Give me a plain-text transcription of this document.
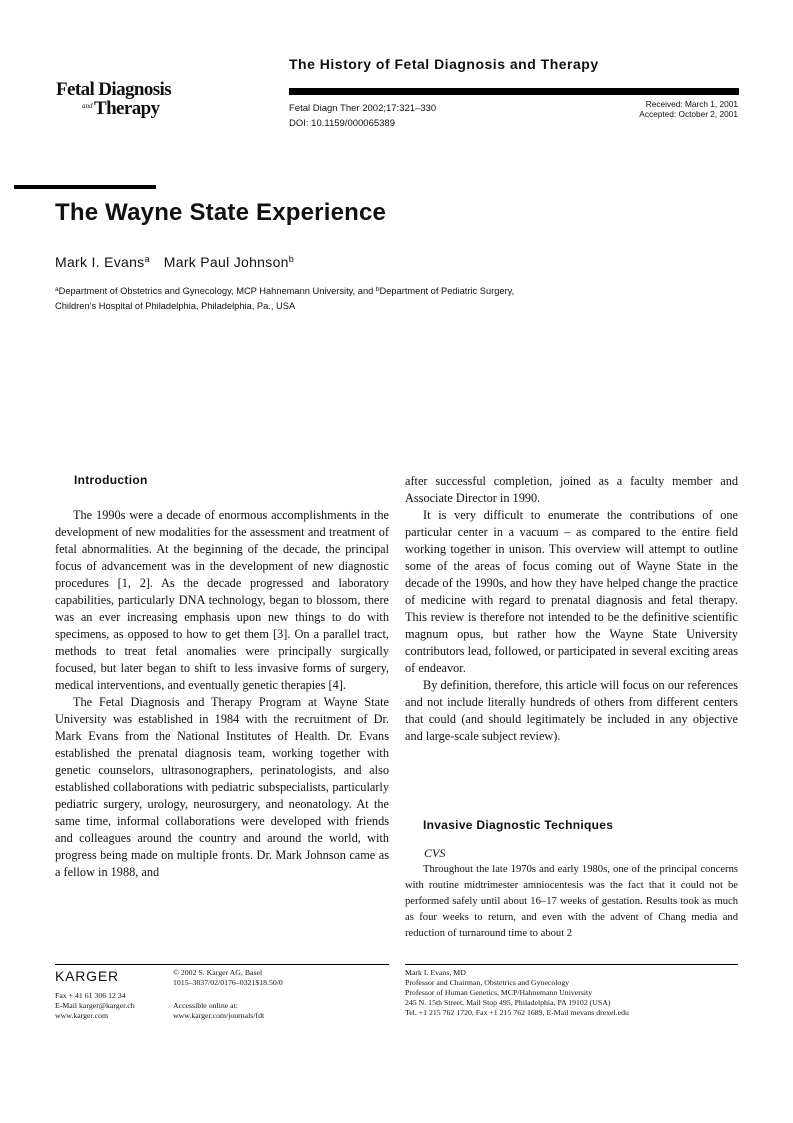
Fetal Diagnosis
and Therapy
The History of Fetal Diagnosis and Therapy
Fetal Diagn Ther 2002;17:321–330
DOI: 10.1159/000065389
Received: March 1, 2001
Accepted: October 2, 2001
The Wayne State Experience
Mark I. Evans$^a$ Mark Paul Johnson$^b$
$^a$Department of Obstetrics and Gynecology, MCP Hahnemann University, and $^b$Department of Pediatric Surgery,
Children’s Hospital of Philadelphia, Philadelphia, Pa., USA
Introduction

The 1990s were a decade of enormous accomplishments in the development of new modalities for the assessment and treatment of fetal abnormalities. At the beginning of the decade, the principal focus of advancement was in the development of new diagnostic procedures [1, 2]. As the decade progressed and laboratory capabilities, particularly DNA technology, began to blossom, there was an ever increasing emphasis upon new things to do with specimens, as opposed to how to get them [3]. On a parallel tract, methods to treat fetal anomalies were principally surgically focused, but later began to shift to less invasive forms of surgery, medical interventions, and eventually genetic therapies [4].

The Fetal Diagnosis and Therapy Program at Wayne State University was established in 1984 with the recruitment of Dr. Mark Evans from the National Institutes of Health. Dr. Evans established the prenatal diagnosis team, working together with genetic counselors, ultrasonographers, perinatologists, and also established collaborations with pediatric subspecialists, particularly pediatric surgery, urology, neurosurgery, and neonatology. At the same time, informal collaborations were developed with friends and colleagues around the country and around the world, with progress being made on multiple fronts. Dr. Mark Johnson came as a fellow in 1988, and

after successful completion, joined as a faculty member and Associate Director in 1990.

It is very difficult to enumerate the contributions of one particular center in a vacuum – as compared to the entire field working together in unison. This overview will attempt to outline some of the areas of focus coming out of Wayne State in the decade of the 1990s, and how they have helped change the practice of medicine with regard to prenatal diagnosis and fetal therapy. This review is therefore not intended to be the definitive scientific magnum opus, but rather how the Wayne State University contributors lead, followed, or participated in several exciting areas of endeavor.

By definition, therefore, this article will focus on our references and not include literally hundreds of others from different centers that could (and should legitimately be included in any objective and large-scale subject review).

Invasive Diagnostic Techniques
CVS

Throughout the late 1970s and early 1980s, one of the principal concerns with routine midtrimester amniocentesis was the fact that it could not be performed safely until about 16–17 weeks of gestation. Results took as much as four weeks to return, and even with the advent of Chang media and reduction of turnaround time to about 2

KARGER
Fax + 41 61 306 12 34
E-Mail karger@karger.ch
www.karger.com
© 2002 S. Karger AG, Basel
1015–3837/02/0176–0321$18.50/0
Accessible online at:
www.karger.com/journals/fdt
Mark I. Evans, MD
Professor and Chairman, Obstetrics and Gynecology
Professor of Human Genetics, MCP/Hahnemann University
245 N. 15th Street, Mail Stop 495, Philadelphia, PA 19102 (USA)
Tel. +1 215 762 1720, Fax +1 215 762 1689, E-Mail mevans drexel.edu
